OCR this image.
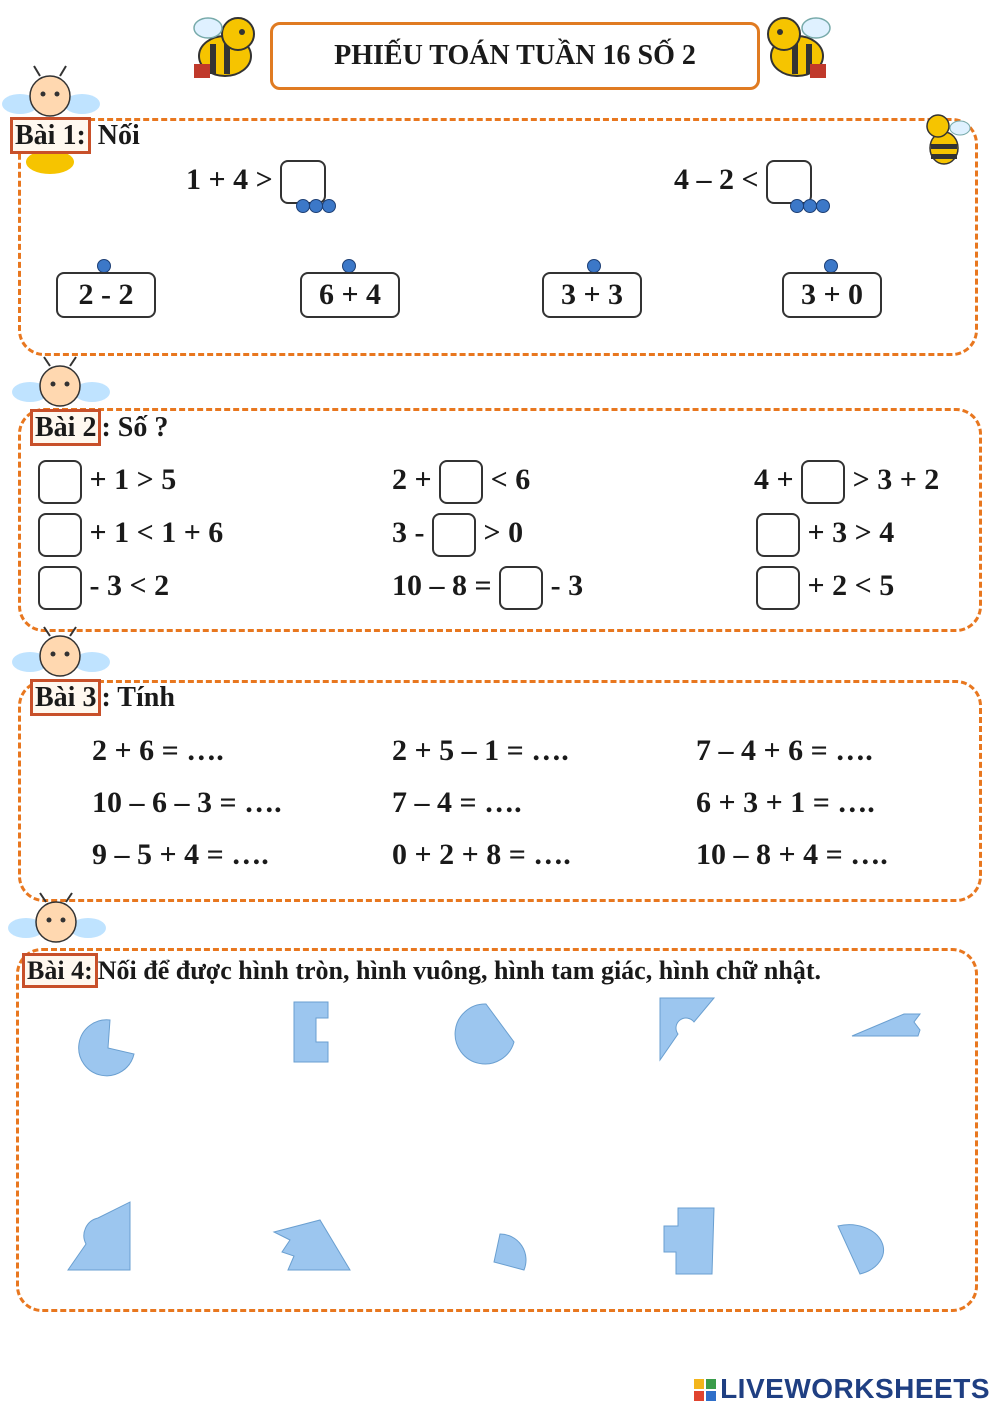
PHIẾU TOÁN TUẦN 16 SỐ 2
Bài 1: Nối
1 + 4 >	4 – 2 <
2 - 2	6 + 4	3 + 3	3 + 0
Bài 2 : Số ?
+ 1 > 5	2 + < 6	4 + > 3 + 2
+ 1 < 1 + 6	3 - > 0	+ 3 > 4
- 3 < 2	10 – 8 = - 3	+ 2 < 5
Bài 3 : Tính
2 + 6 = ….	2 + 5 – 1 = ….	7 – 4 + 6 = ….
10 – 6 – 3 = ….	7 – 4 = ….	6 + 3 + 1 = ….
9 – 5 + 4 = ….	0 + 2 + 8 = ….	10 – 8 + 4 = ….
Bài 4: Nối để được hình tròn, hình vuông, hình tam giác, hình chữ nhật.
LIVEWORKSHEETS
